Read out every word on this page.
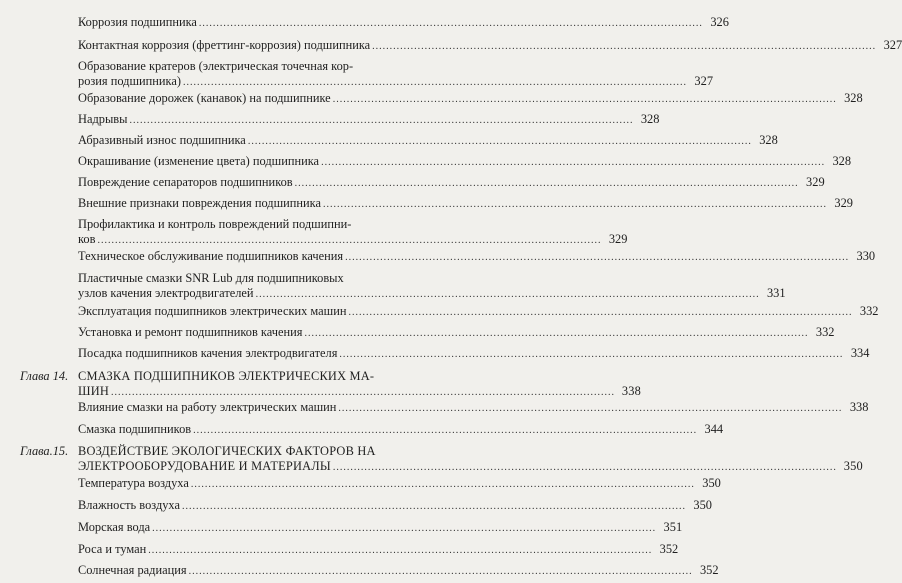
Коррозия подшипника .....	326
Контактная коррозия (фреттинг-коррозия) подшипника .....	327
Образование кратеров (электрическая точечная кор-
розия подшипника) .....	327
Образование дорожек (канавок) на подшипнике .....	328
Надрывы .....	328
Абразивный износ подшипника .....	328
Окрашивание (изменение цвета) подшипника .....	328
Повреждение сепараторов подшипников .....	329
Внешние признаки повреждения подшипника .....	329
Профилактика и контроль повреждений подшипни-
ков .....	329
Техническое обслуживание подшипников качения .....	330
Пластичные смазки SNR Lub для подшипниковых
узлов качения электродвигателей .....	331
Эксплуатация подшипников электрических машин .....	332
Установка и ремонт подшипников качения .....	332
Посадка подшипников качения электродвигателя .....	334
Глава 14. СМАЗКА ПОДШИПНИКОВ ЭЛЕКТРИЧЕСКИХ МА-
ШИН .....	338
Влияние смазки на работу электрических машин .....	338
Смазка подшипников .....	344
Глава.15. ВОЗДЕЙСТВИЕ ЭКОЛОГИЧЕСКИХ ФАКТОРОВ НА
ЭЛЕКТРООБОРУДОВАНИЕ И МАТЕРИАЛЫ .....	350
Температура воздуха .....	350
Влажность воздуха .....	350
Морская вода .....	351
Роса и туман .....	352
Солнечная радиация .....	352
